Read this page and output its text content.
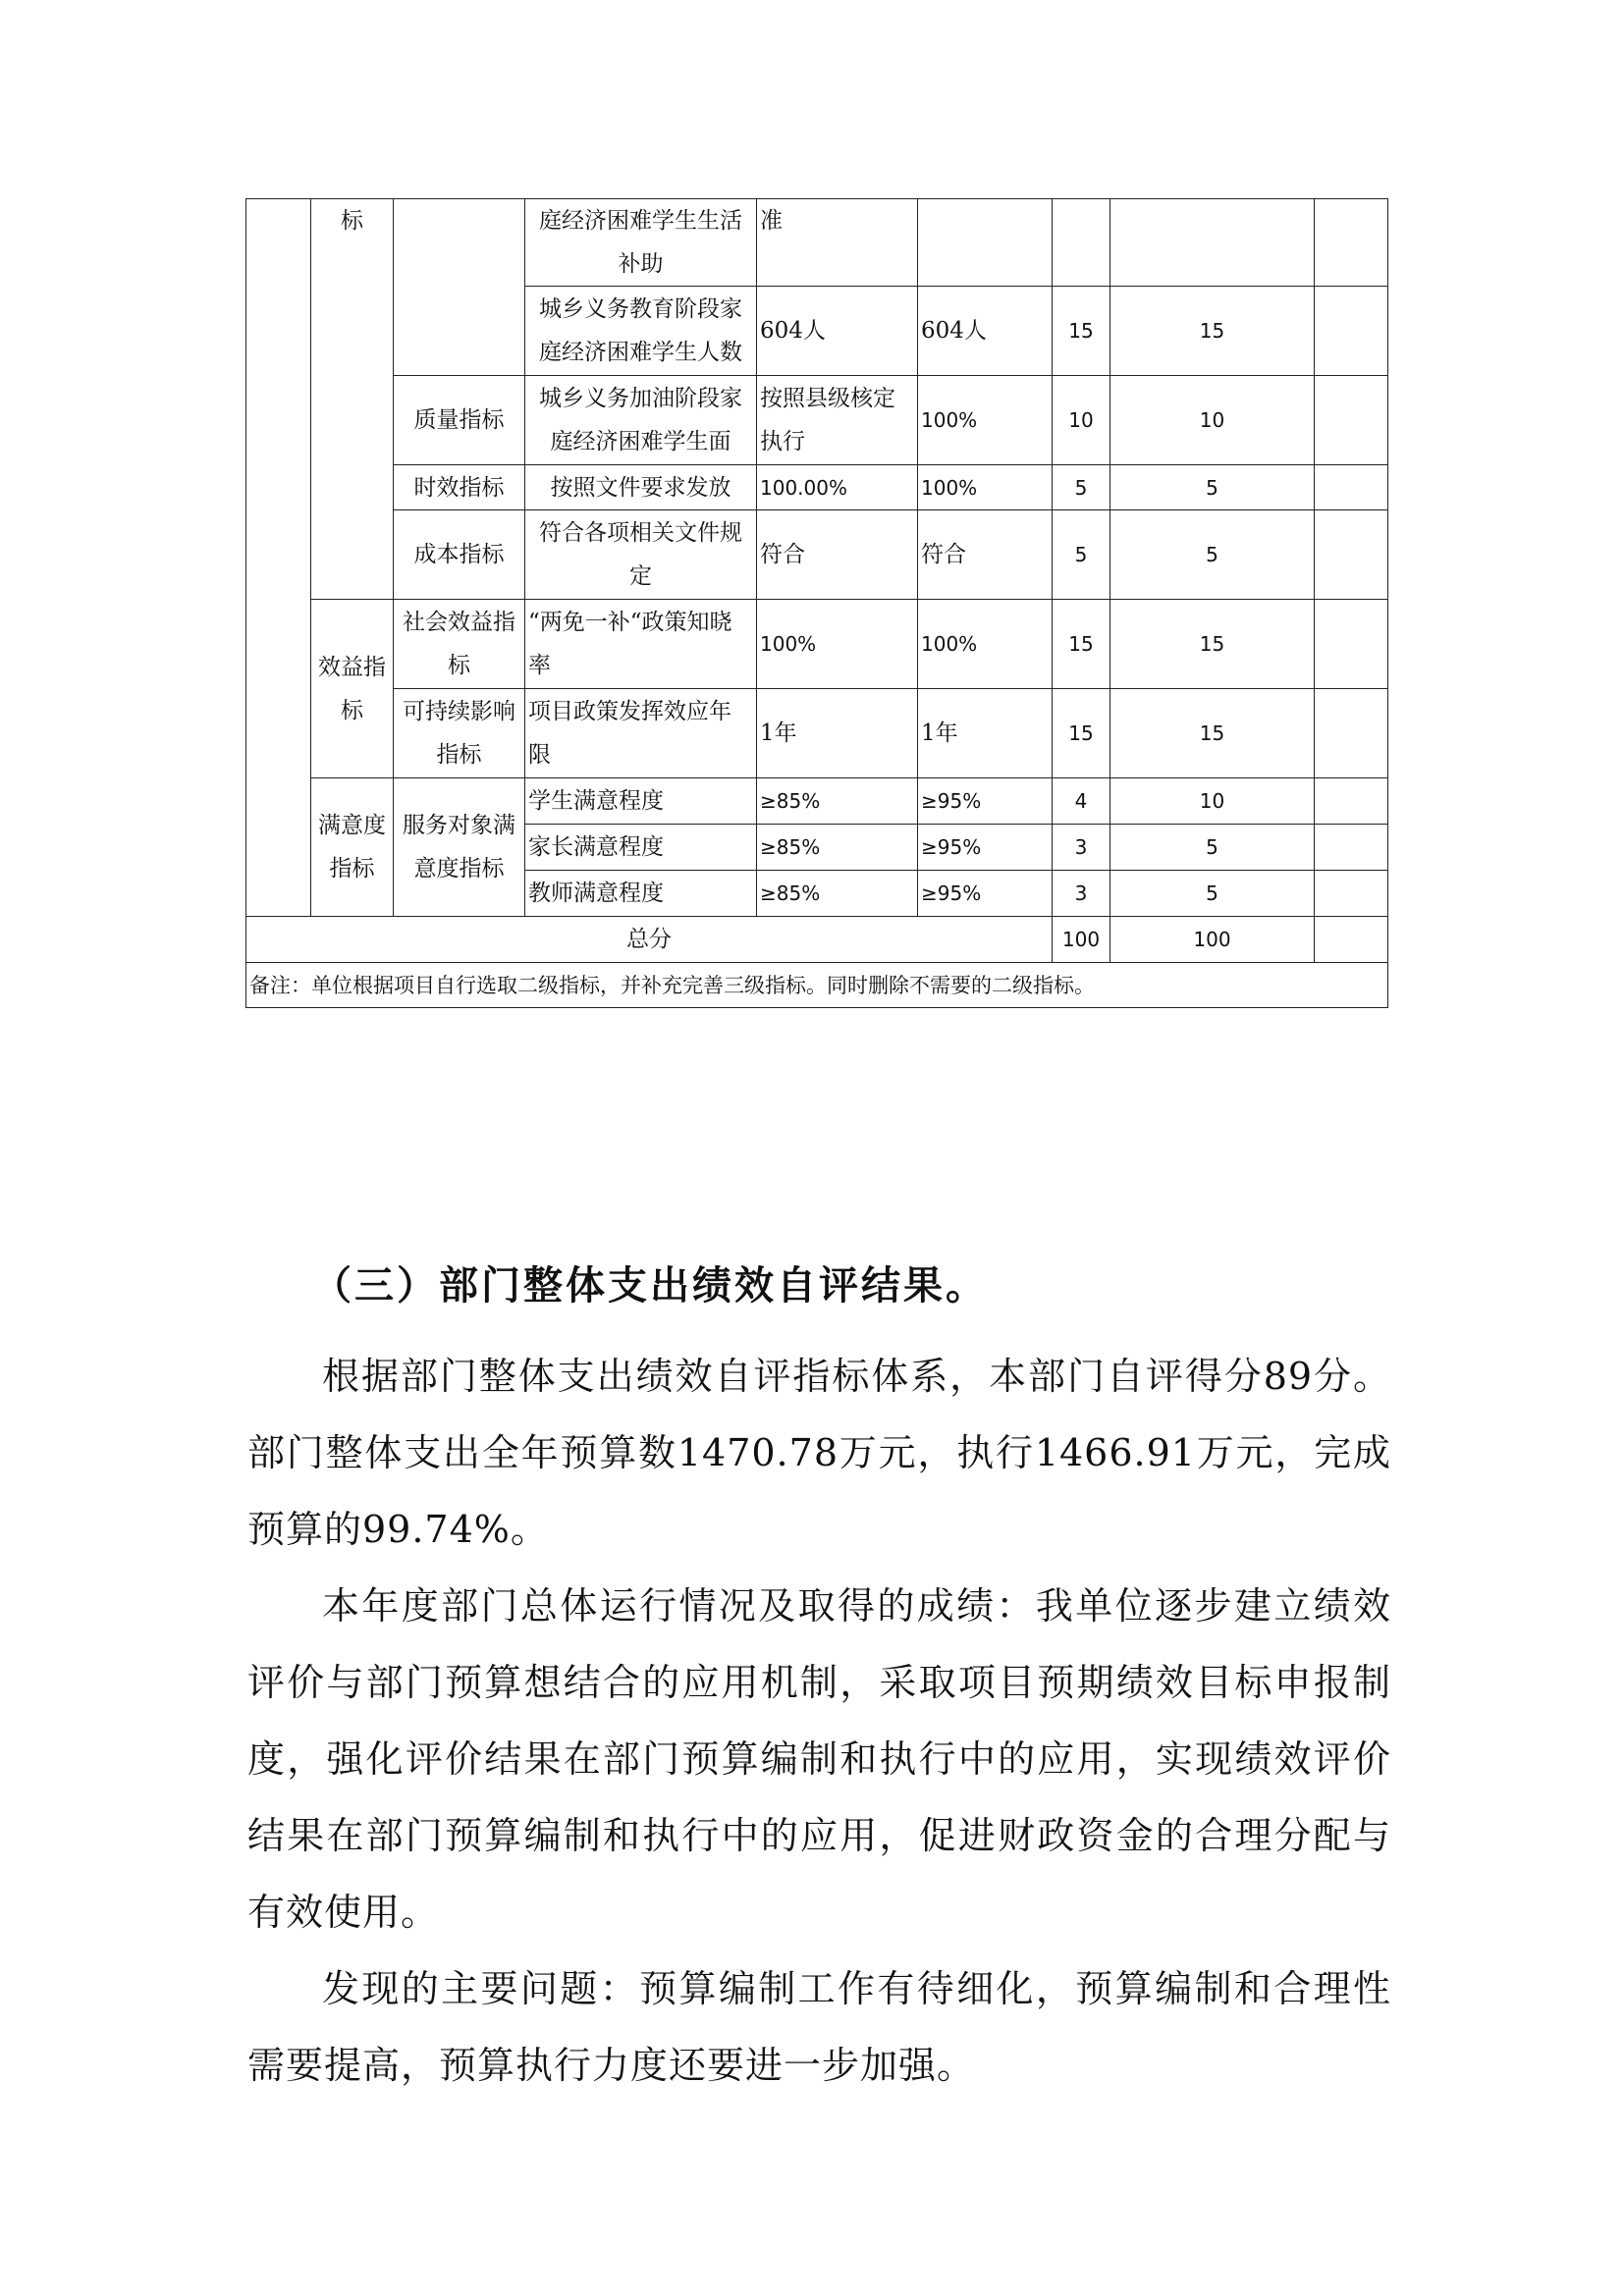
	标		庭经济困难学生生活补助	准				
			城乡义务教育阶段家庭经济困难学生人数	604人	604人	15	15	
		质量指标	城乡义务加油阶段家庭经济困难学生面	按照县级核定执行	100%	10	10	
		时效指标	按照文件要求发放	100.00%	100%	5	5	
		成本指标	符合各项相关文件规定	符合	符合	5	5	
	效益指标	社会效益指标	“两免一补“政策知晓率	100%	100%	15	15	
		可持续影响指标	项目政策发挥效应年限	1年	1年	15	15	
	满意度指标	服务对象满意度指标	学生满意程度	≥85%	≥95%	4	10	
			家长满意程度	≥85%	≥95%	3	5	
			教师满意程度	≥85%	≥95%	3	5	
总分						100	100	
备注：单位根据项目自行选取二级指标，并补充完善三级指标。同时删除不需要的二级指标。								
（三）部门整体支出绩效自评结果。

根据部门整体支出绩效自评指标体系，本部门自评得分89分。部门整体支出全年预算数1470.78万元，执行1466.91万元，完成预算的99.74%。

本年度部门总体运行情况及取得的成绩：我单位逐步建立绩效评价与部门预算想结合的应用机制，采取项目预期绩效目标申报制度，强化评价结果在部门预算编制和执行中的应用，实现绩效评价结果在部门预算编制和执行中的应用，促进财政资金的合理分配与有效使用。

发现的主要问题：预算编制工作有待细化，预算编制和合理性需要提高，预算执行力度还要进一步加强。
